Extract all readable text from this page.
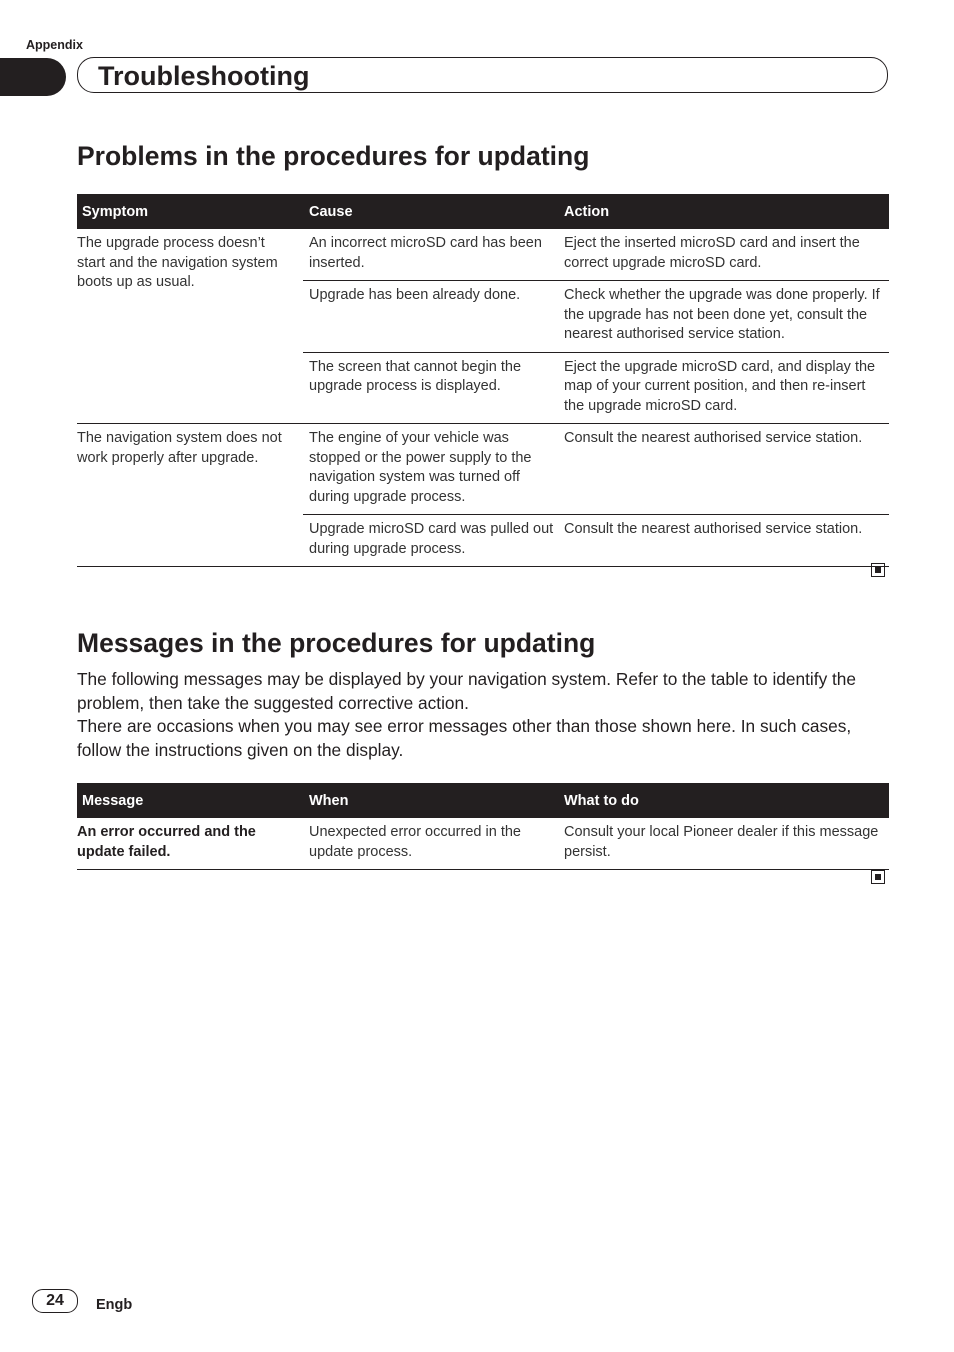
Appendix
Troubleshooting
Problems in the procedures for updating
Symptom	Cause	Action
The upgrade process doesn’t start and the navigation system boots up as usual.	An incorrect microSD card has been inserted.	Eject the inserted microSD card and insert the correct upgrade microSD card.
	Upgrade has been already done.	Check whether the upgrade was done properly. If the upgrade has not been done yet, consult the nearest authorised service station.
	The screen that cannot begin the upgrade process is displayed.	Eject the upgrade microSD card, and display the map of your current position, and then re-insert the upgrade microSD card.
The navigation system does not work properly after upgrade.	The engine of your vehicle was stopped or the power supply to the navigation system was turned off during upgrade process.	Consult the nearest authorised service station.
	Upgrade microSD card was pulled out during upgrade process.	Consult the nearest authorised service station.
Messages in the procedures for updating

The following messages may be displayed by your navigation system. Refer to the table to identify the problem, then take the suggested corrective action.

There are occasions when you may see error messages other than those shown here. In such cases, follow the instructions given on the display.

Message	When	What to do
An error occurred and the update failed.	Unexpected error occurred in the update process.	Consult your local Pioneer dealer if this message persist.
24	Engb
